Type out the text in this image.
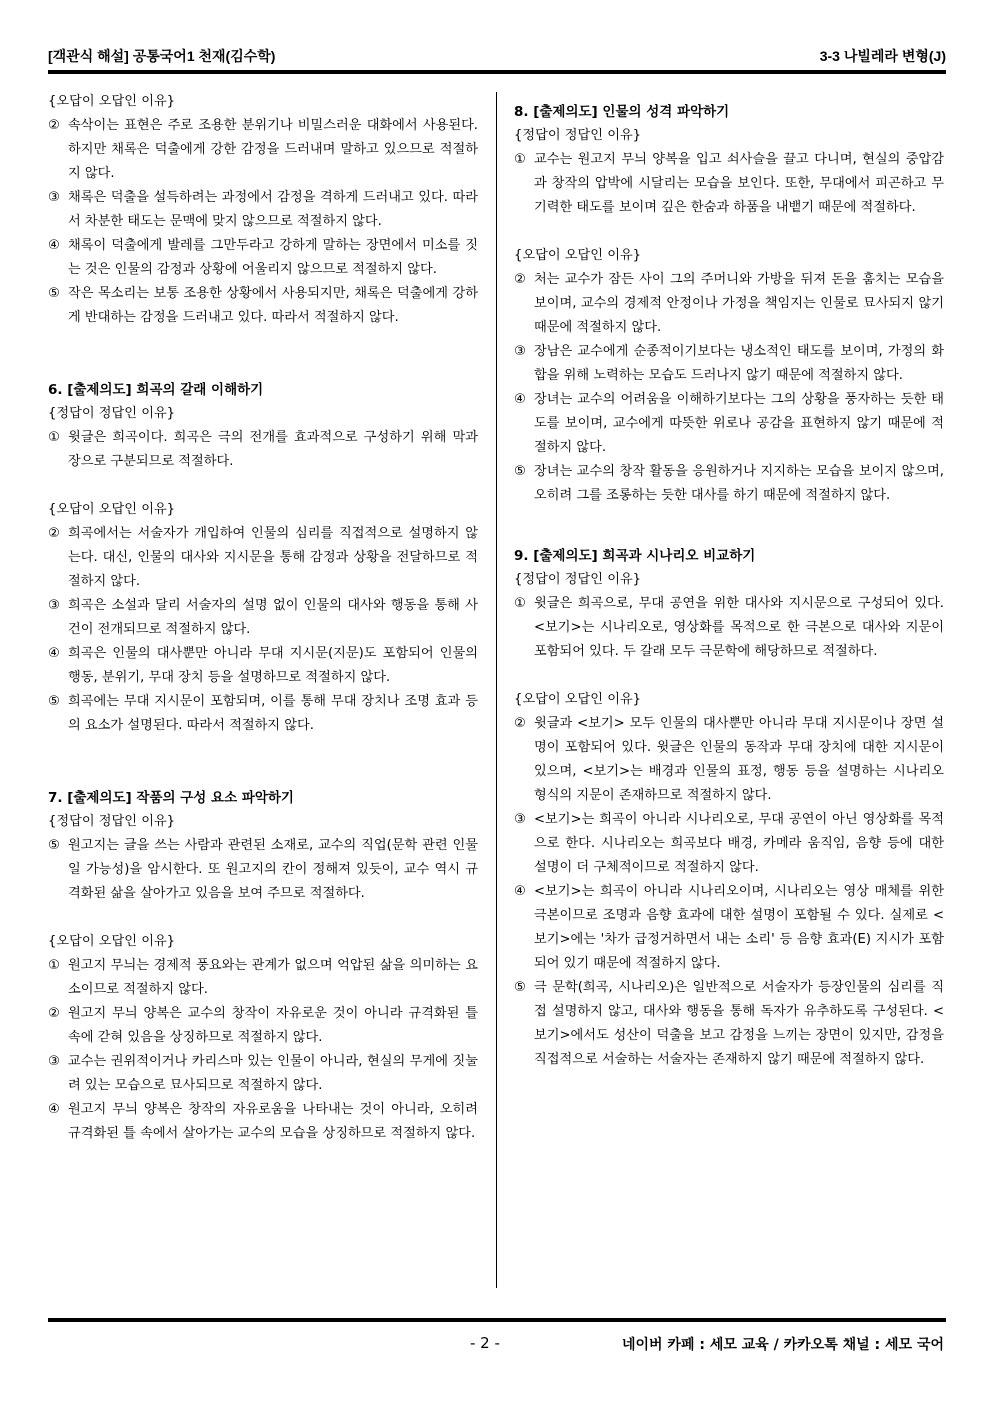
[객관식 해설] 공통국어1 천재(김수학)	3-3 나빌레라 변형(J)
{오답이 오답인 이유}
② 속삭이는 표현은 주로 조용한 분위기나 비밀스러운 대화에서 사용된다. 하지만 채록은 덕출에게 강한 감정을 드러내며 말하고 있으므로 적절하지 않다.
③ 채록은 덕출을 설득하려는 과정에서 감정을 격하게 드러내고 있다. 따라서 차분한 태도는 문맥에 맞지 않으므로 적절하지 않다.
④ 채록이 덕출에게 발레를 그만두라고 강하게 말하는 장면에서 미소를 짓는 것은 인물의 감정과 상황에 어울리지 않으므로 적절하지 않다.
⑤ 작은 목소리는 보통 조용한 상황에서 사용되지만, 채록은 덕출에게 강하게 반대하는 감정을 드러내고 있다. 따라서 적절하지 않다.
6. [출제의도] 희곡의 갈래 이해하기
{정답이 정답인 이유}
① 윗글은 희곡이다. 희곡은 극의 전개를 효과적으로 구성하기 위해 막과 장으로 구분되므로 적절하다.
{오답이 오답인 이유}
② 희곡에서는 서술자가 개입하여 인물의 심리를 직접적으로 설명하지 않는다. 대신, 인물의 대사와 지시문을 통해 감정과 상황을 전달하므로 적절하지 않다.
③ 희곡은 소설과 달리 서술자의 설명 없이 인물의 대사와 행동을 통해 사건이 전개되므로 적절하지 않다.
④ 희곡은 인물의 대사뿐만 아니라 무대 지시문(지문)도 포함되어 인물의 행동, 분위기, 무대 장치 등을 설명하므로 적절하지 않다.
⑤ 희곡에는 무대 지시문이 포함되며, 이를 통해 무대 장치나 조명 효과 등의 요소가 설명된다. 따라서 적절하지 않다.
7. [출제의도] 작품의 구성 요소 파악하기
{정답이 정답인 이유}
⑤ 원고지는 글을 쓰는 사람과 관련된 소재로, 교수의 직업(문학 관련 인물일 가능성)을 암시한다. 또 원고지의 칸이 정해져 있듯이, 교수 역시 규격화된 삶을 살아가고 있음을 보여 주므로 적절하다.
{오답이 오답인 이유}
① 원고지 무늬는 경제적 풍요와는 관계가 없으며 억압된 삶을 의미하는 요소이므로 적절하지 않다.
② 원고지 무늬 양복은 교수의 창작이 자유로운 것이 아니라 규격화된 틀 속에 갇혀 있음을 상징하므로 적절하지 않다.
③ 교수는 권위적이거나 카리스마 있는 인물이 아니라, 현실의 무게에 짓눌려 있는 모습으로 묘사되므로 적절하지 않다.
④ 원고지 무늬 양복은 창작의 자유로움을 나타내는 것이 아니라, 오히려 규격화된 틀 속에서 살아가는 교수의 모습을 상징하므로 적절하지 않다.
8. [출제의도] 인물의 성격 파악하기
{정답이 정답인 이유}
① 교수는 원고지 무늬 양복을 입고 쇠사슬을 끌고 다니며, 현실의 중압감과 창작의 압박에 시달리는 모습을 보인다. 또한, 무대에서 피곤하고 무기력한 태도를 보이며 깊은 한숨과 하품을 내뱉기 때문에 적절하다.
{오답이 오답인 이유}
② 처는 교수가 잠든 사이 그의 주머니와 가방을 뒤져 돈을 훔치는 모습을 보이며, 교수의 경제적 안정이나 가정을 책임지는 인물로 묘사되지 않기 때문에 적절하지 않다.
③ 장남은 교수에게 순종적이기보다는 냉소적인 태도를 보이며, 가정의 화합을 위해 노력하는 모습도 드러나지 않기 때문에 적절하지 않다.
④ 장녀는 교수의 어려움을 이해하기보다는 그의 상황을 풍자하는 듯한 태도를 보이며, 교수에게 따뜻한 위로나 공감을 표현하지 않기 때문에 적절하지 않다.
⑤ 장녀는 교수의 창작 활동을 응원하거나 지지하는 모습을 보이지 않으며, 오히려 그를 조롱하는 듯한 대사를 하기 때문에 적절하지 않다.
9. [출제의도] 희곡과 시나리오 비교하기
{정답이 정답인 이유}
① 윗글은 희곡으로, 무대 공연을 위한 대사와 지시문으로 구성되어 있다. <보기>는 시나리오로, 영상화를 목적으로 한 극본으로 대사와 지문이 포함되어 있다. 두 갈래 모두 극문학에 해당하므로 적절하다.
{오답이 오답인 이유}
② 윗글과 <보기> 모두 인물의 대사뿐만 아니라 무대 지시문이나 장면 설명이 포함되어 있다. 윗글은 인물의 동작과 무대 장치에 대한 지시문이 있으며, <보기>는 배경과 인물의 표정, 행동 등을 설명하는 시나리오 형식의 지문이 존재하므로 적절하지 않다.
③ <보기>는 희곡이 아니라 시나리오로, 무대 공연이 아닌 영상화를 목적으로 한다. 시나리오는 희곡보다 배경, 카메라 움직임, 음향 등에 대한 설명이 더 구체적이므로 적절하지 않다.
④ <보기>는 희곡이 아니라 시나리오이며, 시나리오는 영상 매체를 위한 극본이므로 조명과 음향 효과에 대한 설명이 포함될 수 있다. 실제로 <보기>에는 '차가 급정거하면서 내는 소리' 등 음향 효과(E) 지시가 포함되어 있기 때문에 적절하지 않다.
⑤ 극 문학(희곡, 시나리오)은 일반적으로 서술자가 등장인물의 심리를 직접 설명하지 않고, 대사와 행동을 통해 독자가 유추하도록 구성된다. <보기>에서도 성산이 덕출을 보고 감정을 느끼는 장면이 있지만, 감정을 직접적으로 서술하는 서술자는 존재하지 않기 때문에 적절하지 않다.
- 2 -	네이버 카페 : 세모 교육 / 카카오톡 채널 : 세모 국어
